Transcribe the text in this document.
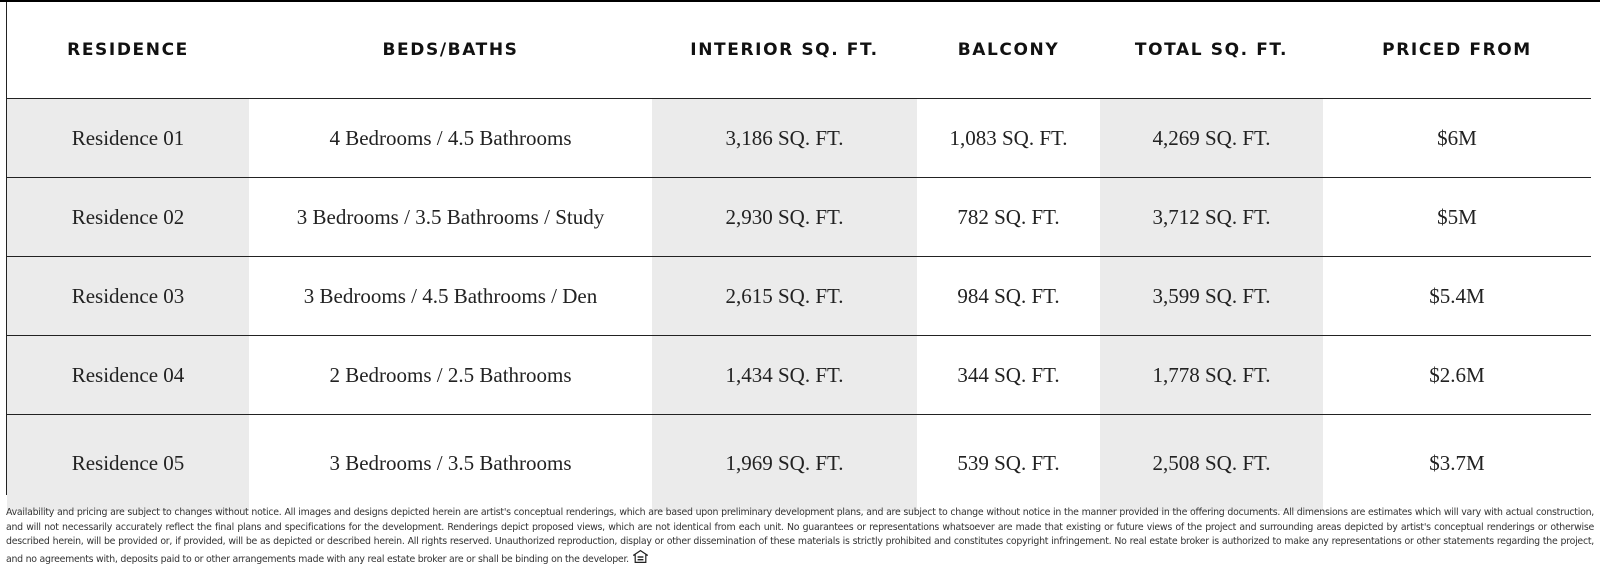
RESIDENCE	BEDS/BATHS	INTERIOR SQ. FT.	BALCONY	TOTAL SQ. FT.	PRICED FROM
Residence 01	4 Bedrooms / 4.5 Bathrooms	3,186 SQ. FT.	1,083 SQ. FT.	4,269 SQ. FT.	$6M
Residence 02	3 Bedrooms / 3.5 Bathrooms / Study	2,930 SQ. FT.	782 SQ. FT.	3,712 SQ. FT.	$5M
Residence 03	3 Bedrooms / 4.5 Bathrooms / Den	2,615 SQ. FT.	984 SQ. FT.	3,599 SQ. FT.	$5.4M
Residence 04	2 Bedrooms / 2.5 Bathrooms	1,434 SQ. FT.	344 SQ. FT.	1,778 SQ. FT.	$2.6M
Residence 05	3 Bedrooms / 3.5 Bathrooms	1,969 SQ. FT.	539 SQ. FT.	2,508 SQ. FT.	$3.7M
Availability and pricing are subject to changes without notice. All images and designs depicted herein are artist's conceptual renderings, which are based upon preliminary development plans, and are subject to change without notice in the manner provided in the offering documents. All dimensions are estimates which will vary with actual construction, and will not necessarily accurately reflect the final plans and specifications for the development. Renderings depict proposed views, which are not identical from each unit. No guarantees or representations whatsoever are made that existing or future views of the project and surrounding areas depicted by artist's conceptual renderings or otherwise described herein, will be provided or, if provided, will be as depicted or described herein. All rights reserved. Unauthorized reproduction, display or other dissemination of these materials is strictly prohibited and constitutes copyright infringement. No real estate broker is authorized to make any representations or other statements regarding the project, and no agreements with, deposits paid to or other arrangements made with any real estate broker are or shall be binding on the developer.
